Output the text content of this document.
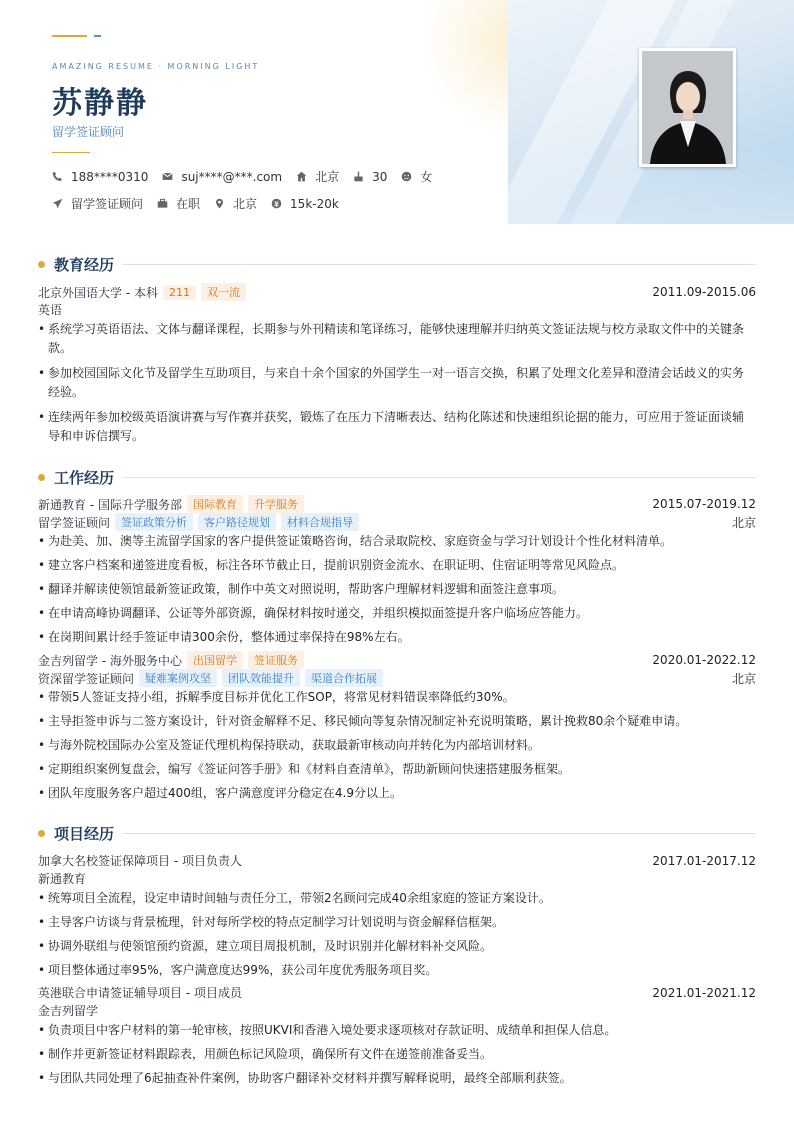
AMAZING RESUME · MORNING LIGHT
苏静静
留学签证顾问
188****0310	suj****@***.com	北京	30	女
留学签证顾问	在职	北京	15k-20k
教育经历
北京外国语大学 - 本科	211	双一流	2011.09-2015.06
英语
• 系统学习英语语法、文体与翻译课程，长期参与外刊精读和笔译练习，能够快速理解并归纳英文签证法规与校方录取文件中的关键条款。
• 参加校园国际文化节及留学生互助项目，与来自十余个国家的外国学生一对一语言交换，积累了处理文化差异和澄清会话歧义的实务经验。
• 连续两年参加校级英语演讲赛与写作赛并获奖，锻炼了在压力下清晰表达、结构化陈述和快速组织论据的能力，可应用于签证面谈辅导和申诉信撰写。
工作经历
新通教育 - 国际升学服务部	国际教育	升学服务	2015.07-2019.12
留学签证顾问	签证政策分析	客户路径规划	材料合规指导	北京
• 为赴美、加、澳等主流留学国家的客户提供签证策略咨询，结合录取院校、家庭资金与学习计划设计个性化材料清单。
• 建立客户档案和递签进度看板，标注各环节截止日，提前识别资金流水、在职证明、住宿证明等常见风险点。
• 翻译并解读使领馆最新签证政策，制作中英文对照说明，帮助客户理解材料逻辑和面签注意事项。
• 在申请高峰协调翻译、公证等外部资源，确保材料按时递交，并组织模拟面签提升客户临场应答能力。
• 在岗期间累计经手签证申请300余份，整体通过率保持在98%左右。
金吉列留学 - 海外服务中心	出国留学	签证服务	2020.01-2022.12
资深留学签证顾问	疑难案例攻坚	团队效能提升	渠道合作拓展	北京
• 带领5人签证支持小组，拆解季度目标并优化工作SOP，将常见材料错误率降低约30%。
• 主导拒签申诉与二签方案设计，针对资金解释不足、移民倾向等复杂情况制定补充说明策略，累计挽救80余个疑难申请。
• 与海外院校国际办公室及签证代理机构保持联动，获取最新审核动向并转化为内部培训材料。
• 定期组织案例复盘会，编写《签证问答手册》和《材料自查清单》，帮助新顾问快速搭建服务框架。
• 团队年度服务客户超过400组，客户满意度评分稳定在4.9分以上。
项目经历
加拿大名校签证保障项目 - 项目负责人	2017.01-2017.12
新通教育
• 统筹项目全流程，设定申请时间轴与责任分工，带领2名顾问完成40余组家庭的签证方案设计。
• 主导客户访谈与背景梳理，针对每所学校的特点定制学习计划说明与资金解释信框架。
• 协调外联组与使领馆预约资源，建立项目周报机制，及时识别并化解材料补交风险。
• 项目整体通过率95%，客户满意度达99%，获公司年度优秀服务项目奖。
英港联合申请签证辅导项目 - 项目成员	2021.01-2021.12
金吉列留学
• 负责项目中客户材料的第一轮审核，按照UKVI和香港入境处要求逐项核对存款证明、成绩单和担保人信息。
• 制作并更新签证材料跟踪表，用颜色标记风险项，确保所有文件在递签前准备妥当。
• 与团队共同处理了6起抽查补件案例，协助客户翻译补交材料并撰写解释说明，最终全部顺利获签。
